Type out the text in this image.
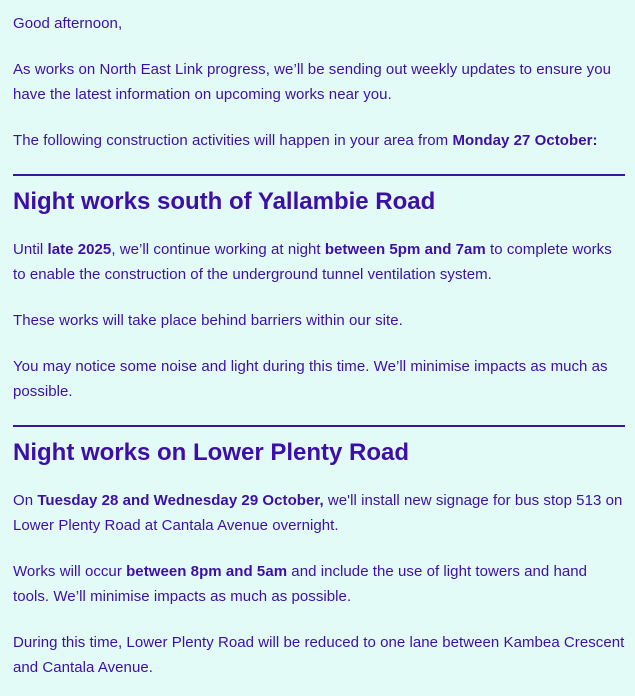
Good afternoon,

As works on North East Link progress, we’ll be sending out weekly updates to ensure you have the latest information on upcoming works near you.

The following construction activities will happen in your area from Monday 27 October:

Night works south of Yallambie Road

Until late 2025, we’ll continue working at night between 5pm and 7am to complete works to enable the construction of the underground tunnel ventilation system.

These works will take place behind barriers within our site.

You may notice some noise and light during this time. We’ll minimise impacts as much as possible.

Night works on Lower Plenty Road

On Tuesday 28 and Wednesday 29 October, we'll install new signage for bus stop 513 on Lower Plenty Road at Cantala Avenue overnight.

Works will occur between 8pm and 5am and include the use of light towers and hand tools. We’ll minimise impacts as much as possible.

During this time, Lower Plenty Road will be reduced to one lane between Kambea Crescent and Cantala Avenue.
